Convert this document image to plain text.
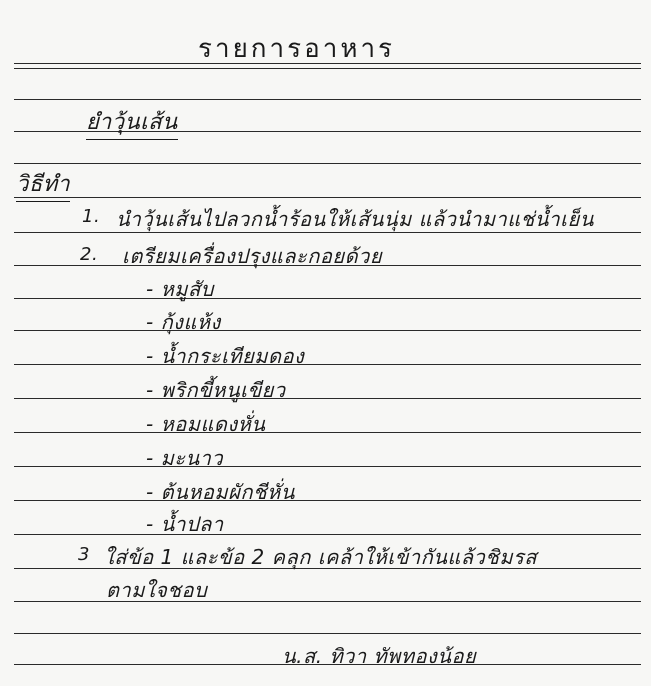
รายการอาหาร
ยำวุ้นเส้น
วิธีทำ
1. นำวุ้นเส้นไปลวกน้ำร้อนให้เส้นนุ่ม แล้วนำมาแช่น้ำเย็น
2. เตรียมเครื่องปรุงและกอยด้วย
- หมูสับ
- กุ้งแห้ง
- น้ำกระเทียมดอง
- พริกขี้หนูเขียว
- หอมแดงหั่น
- มะนาว
- ต้นหอมผักชีหั่น
- น้ำปลา
3 ใส่ข้อ 1 และข้อ 2 คลุก เคล้าให้เข้ากันแล้วชิมรส
ตามใจชอบ
น.ส. ทิวา ทัพทองน้อย
